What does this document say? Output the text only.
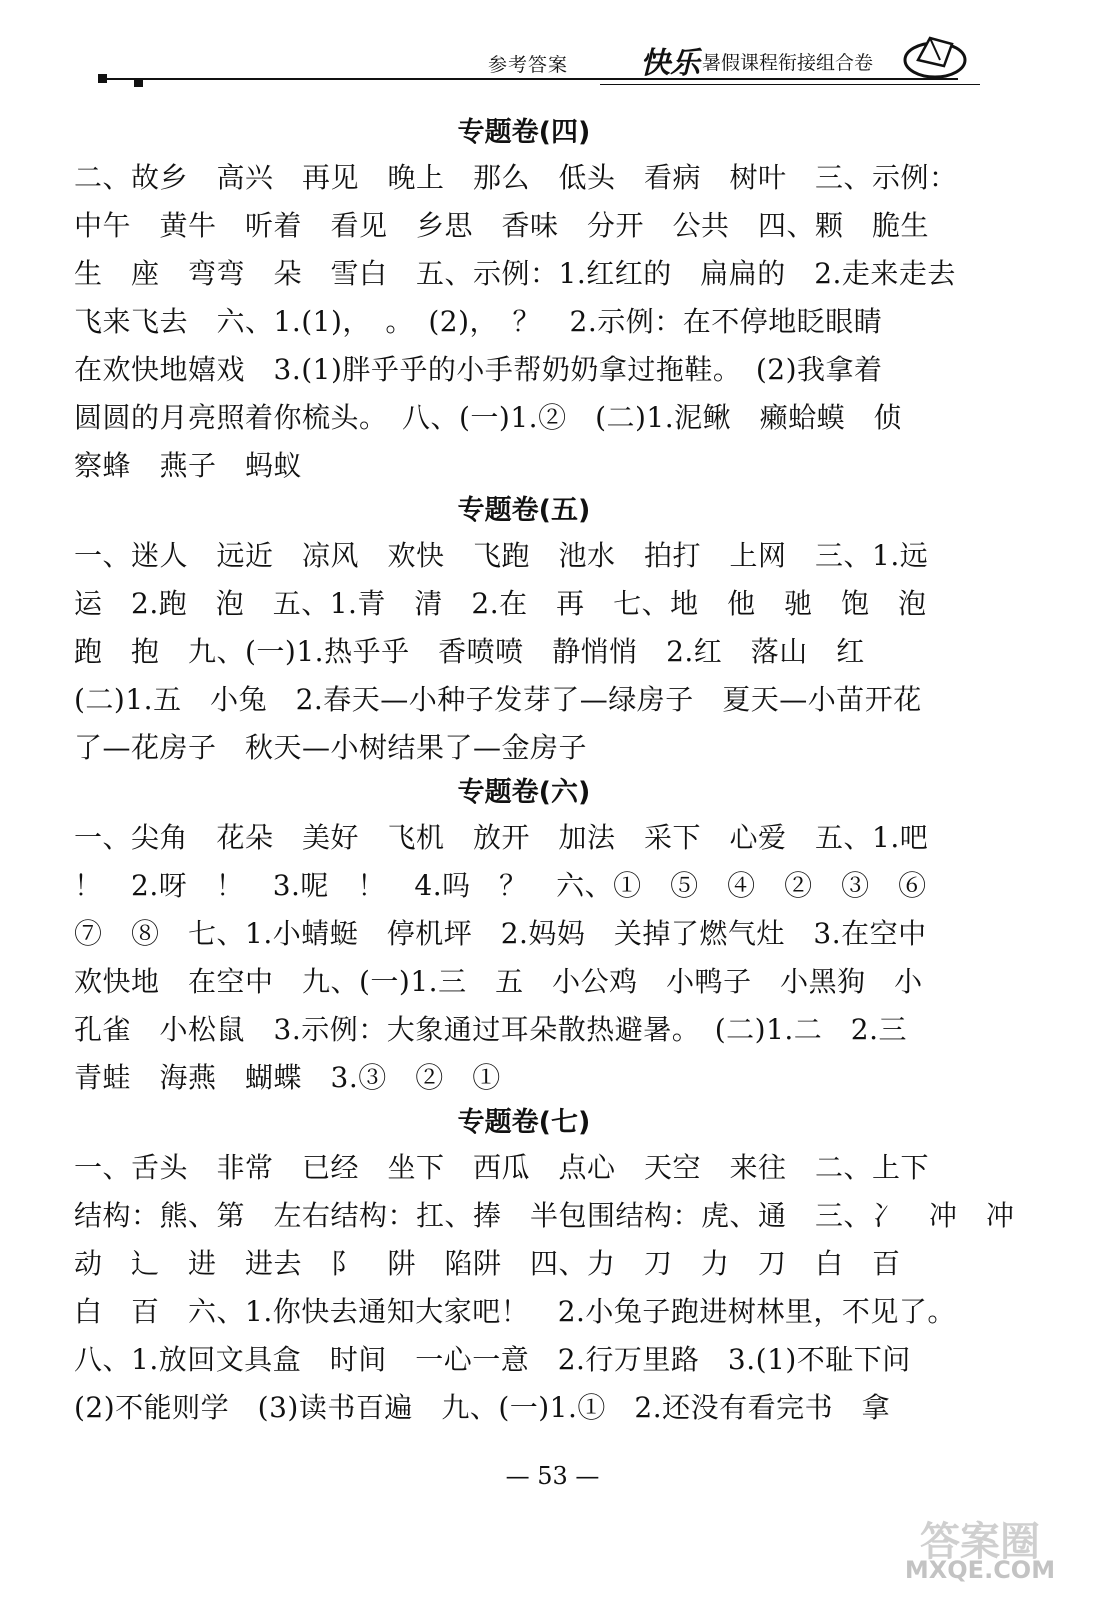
参考答案 快乐 暑假课程衔接组合卷
专题卷(四)
二、故乡　高兴　再见　晚上　那么　低头　看病　树叶　三、示例：
中午　黄牛　听着　看见　乡思　香味　分开　公共　四、颗　脆生
生　座　弯弯　朵　雪白　五、示例：1.红红的　扁扁的　2.走来走去
飞来飞去　六、1.(1)，　。　(2)，　？　2.示例：在不停地眨眼睛
在欢快地嬉戏　3.(1)胖乎乎的小手帮奶奶拿过拖鞋。　(2)我拿着
圆圆的月亮照着你梳头。　八、(一)1.②　(二)1.泥鳅　癞蛤蟆　侦
察蜂　燕子　蚂蚁
专题卷(五)
一、迷人　远近　凉风　欢快　飞跑　池水　拍打　上网　三、1.远
运　2.跑　泡　五、1.青　清　2.在　再　七、地　他　驰　饱　泡
跑　抱　九、(一)1.热乎乎　香喷喷　静悄悄　2.红　落山　红
(二)1.五　小兔　2.春天—小种子发芽了—绿房子　夏天—小苗开花
了—花房子　秋天—小树结果了—金房子
专题卷(六)
一、尖角　花朵　美好　飞机　放开　加法　采下　心爱　五、1.吧
！　2.呀　！　3.呢　！　4.吗　？　六、①　⑤　④　②　③　⑥
⑦　⑧　七、1.小蜻蜓　停机坪　2.妈妈　关掉了燃气灶　3.在空中
欢快地　在空中　九、(一)1.三　五　小公鸡　小鸭子　小黑狗　小
孔雀　小松鼠　3.示例：大象通过耳朵散热避暑。　(二)1.二　2.三
青蛙　海燕　蝴蝶　3.③　②　①
专题卷(七)
一、舌头　非常　已经　坐下　西瓜　点心　天空　来往　二、上下
结构：熊、第　左右结构：扛、捧　半包围结构：虎、通　三、冫　冲　冲
动　辶　进　进去　阝　阱　陷阱　四、力　刀　力　刀　白　百
白　百　六、1.你快去通知大家吧！　2.小兔子跑进树林里，不见了。
八、1.放回文具盒　时间　一心一意　2.行万里路　3.(1)不耻下问
(2)不能则学　(3)读书百遍　九、(一)1.①　2.还没有看完书　拿
— 53 —
答案圈
MXQE.COM
